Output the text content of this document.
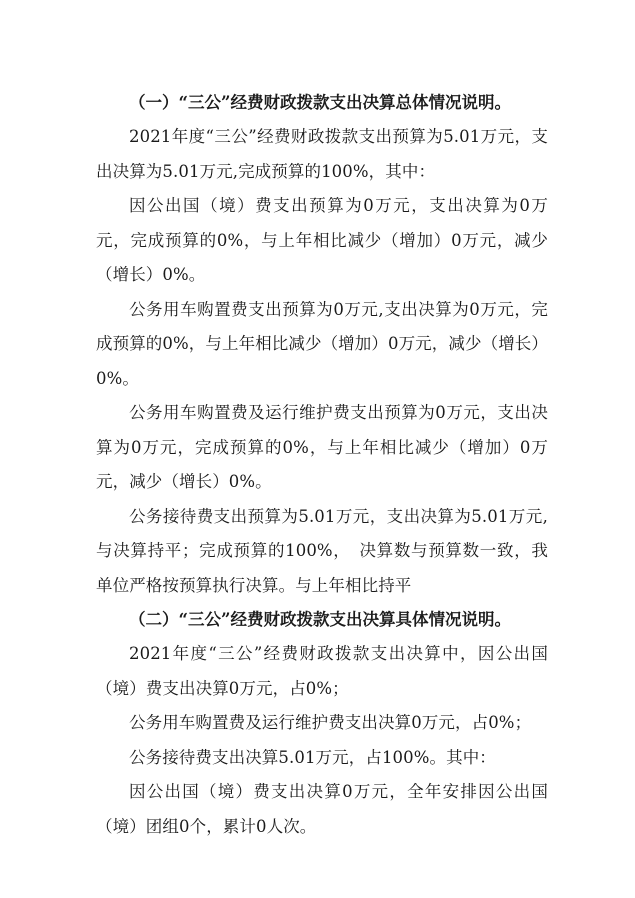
（一）“三公”经费财政拨款支出决算总体情况说明。

2021年度“三公”经费财政拨款支出预算为5.01万元，支出决算为5.01万元,完成预算的100%，其中：

因公出国（境）费支出预算为0万元，支出决算为0万元，完成预算的0%，与上年相比减少（增加）0万元，减少（增长）0%。

公务用车购置费支出预算为0万元,支出决算为0万元，完成预算的0%，与上年相比减少（增加）0万元，减少（增长）0%。

公务用车购置费及运行维护费支出预算为0万元，支出决算为0万元，完成预算的0%，与上年相比减少（增加）0万元，减少（增长）0%。

公务接待费支出预算为5.01万元，支出决算为5.01万元,与决算持平；完成预算的100%，　决算数与预算数一致，我单位严格按预算执行决算。与上年相比持平

（二）“三公”经费财政拨款支出决算具体情况说明。

2021年度“三公”经费财政拨款支出决算中，因公出国（境）费支出决算0万元，占0%；

公务用车购置费及运行维护费支出决算0万元，占0%；

公务接待费支出决算5.01万元，占100%。其中：

因公出国（境）费支出决算0万元，全年安排因公出国（境）团组0个，累计0人次。
